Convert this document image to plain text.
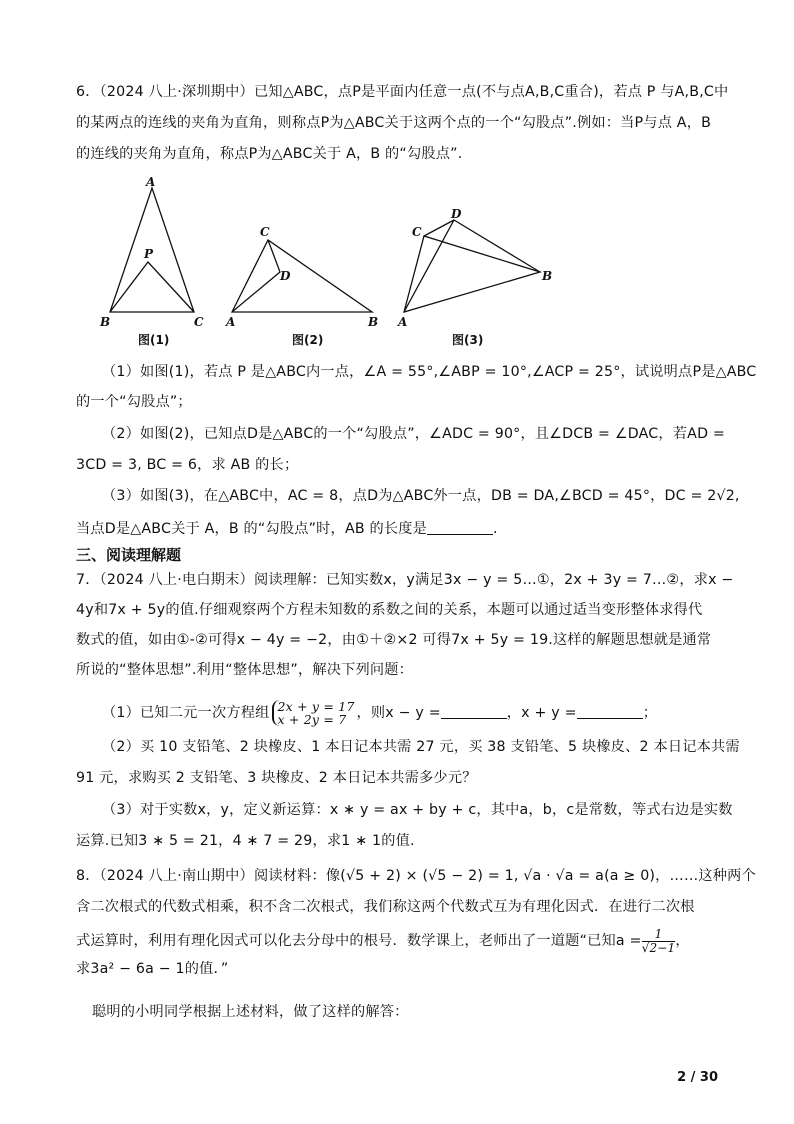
6．（2024 八上·深圳期中）已知△ABC，点P是平面内任意一点(不与点A,B,C重合)，若点 P 与A,B,C中
的某两点的连线的夹角为直角，则称点P为△ABC关于这两个点的一个“勾股点”.例如：当P与点 A，B
的连线的夹角为直角，称点P为△ABC关于 A，B 的“勾股点”.
A
B	C
P
C
D
A	B
C
D
B
A
图(1)	图(2)	图(3)
（1）如图(1)，若点 P 是△ABC内一点，∠A = 55°,∠ABP = 10°,∠ACP = 25°，试说明点P是△ABC
的一个“勾股点”；
（2）如图(2)，已知点D是△ABC的一个“勾股点”，∠ADC = 90°，且∠DCB = ∠DAC，若AD =
3CD = 3, BC = 6，求 AB 的长；
（3）如图(3)，在△ABC中，AC = 8，点D为△ABC外一点，DB = DA,∠BCD = 45°，DC = 2√2,
当点D是△ABC关于 A，B 的“勾股点”时，AB 的长度是	.
三、阅读理解题
7．（2024 八上·电白期末）阅读理解：已知实数x，y满足3x − y = 5…①，2x + 3y = 7…②，求x −
4y和7x + 5y的值.仔细观察两个方程未知数的系数之间的关系，本题可以通过适当变形整体求得代
数式的值，如由①-②可得x − 4y = −2，由①＋②×2 可得7x + 5y = 19.这样的解题思想就是通常
所说的“整体思想”.利用“整体思想”，解决下列问题：
（1）已知二元一次方程组 2x + y = 17
x + 2y = 7 ，则x − y =	，x + y =	；
（2）买 10 支铅笔、2 块橡皮、1 本日记本共需 27 元，买 38 支铅笔、5 块橡皮、2 本日记本共需
91 元，求购买 2 支铅笔、3 块橡皮、2 本日记本共需多少元？
（3）对于实数x，y，定义新运算：x ∗ y = ax + by + c，其中a，b，c是常数，等式右边是实数
运算.已知3 ∗ 5 = 21，4 ∗ 7 = 29，求1 ∗ 1的值.
8．（2024 八上·南山期中）阅读材料：像(√5 + 2) × (√5 − 2) = 1, √a · √a = a(a ≥ 0)，……这种两个
含二次根式的代数式相乘，积不含二次根式，我们称这两个代数式互为有理化因式．在进行二次根
式运算时，利用有理化因式可以化去分母中的根号．数学课上，老师出了一道题“已知$a = \frac{1}{√2-1}$ ，
求3a² − 6a − 1的值．”
聪明的小明同学根据上述材料，做了这样的解答：
2 / 30
